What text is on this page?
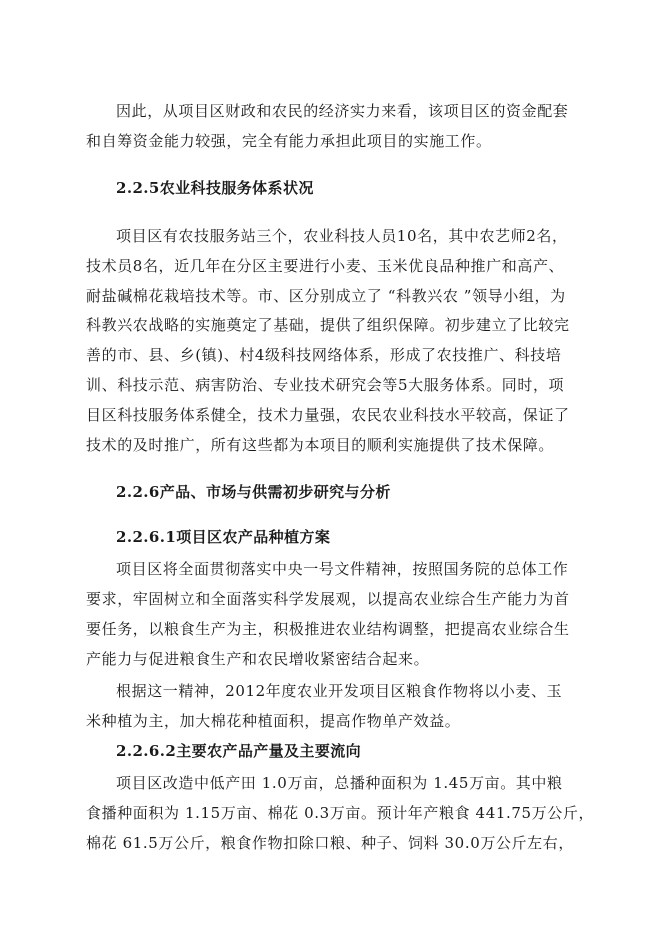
因此，从项目区财政和农民的经济实力来看，该项目区的资金配套
和自筹资金能力较强，完全有能力承担此项目的实施工作。
2.2.5农业科技服务体系状况
项目区有农技服务站三个，农业科技人员10名，其中农艺师2名，
技术员8名，近几年在分区主要进行小麦、玉米优良品种推广和高产、
耐盐碱棉花栽培技术等。市、区分别成立了 “科教兴农 ”领导小组，为
科教兴农战略的实施奠定了基础，提供了组织保障。初步建立了比较完
善的市、县、乡(镇)、村4级科技网络体系，形成了农技推广、科技培
训、科技示范、病害防治、专业技术研究会等5大服务体系。同时，项
目区科技服务体系健全，技术力量强，农民农业科技水平较高，保证了
技术的及时推广，所有这些都为本项目的顺利实施提供了技术保障。
2.2.6产品、市场与供需初步研究与分析
2.2.6.1项目区农产品种植方案
项目区将全面贯彻落实中央一号文件精神，按照国务院的总体工作
要求，牢固树立和全面落实科学发展观，以提高农业综合生产能力为首
要任务，以粮食生产为主，积极推进农业结构调整，把提高农业综合生
产能力与促进粮食生产和农民增收紧密结合起来。
根据这一精神，2012年度农业开发项目区粮食作物将以小麦、玉
米种植为主，加大棉花种植面积，提高作物单产效益。
2.2.6.2主要农产品产量及主要流向
项目区改造中低产田 1.0万亩，总播种面积为 1.45万亩。其中粮
食播种面积为 1.15万亩、棉花 0.3万亩。预计年产粮食 441.75万公斤，
棉花 61.5万公斤，粮食作物扣除口粮、种子、饲料 30.0万公斤左右，
